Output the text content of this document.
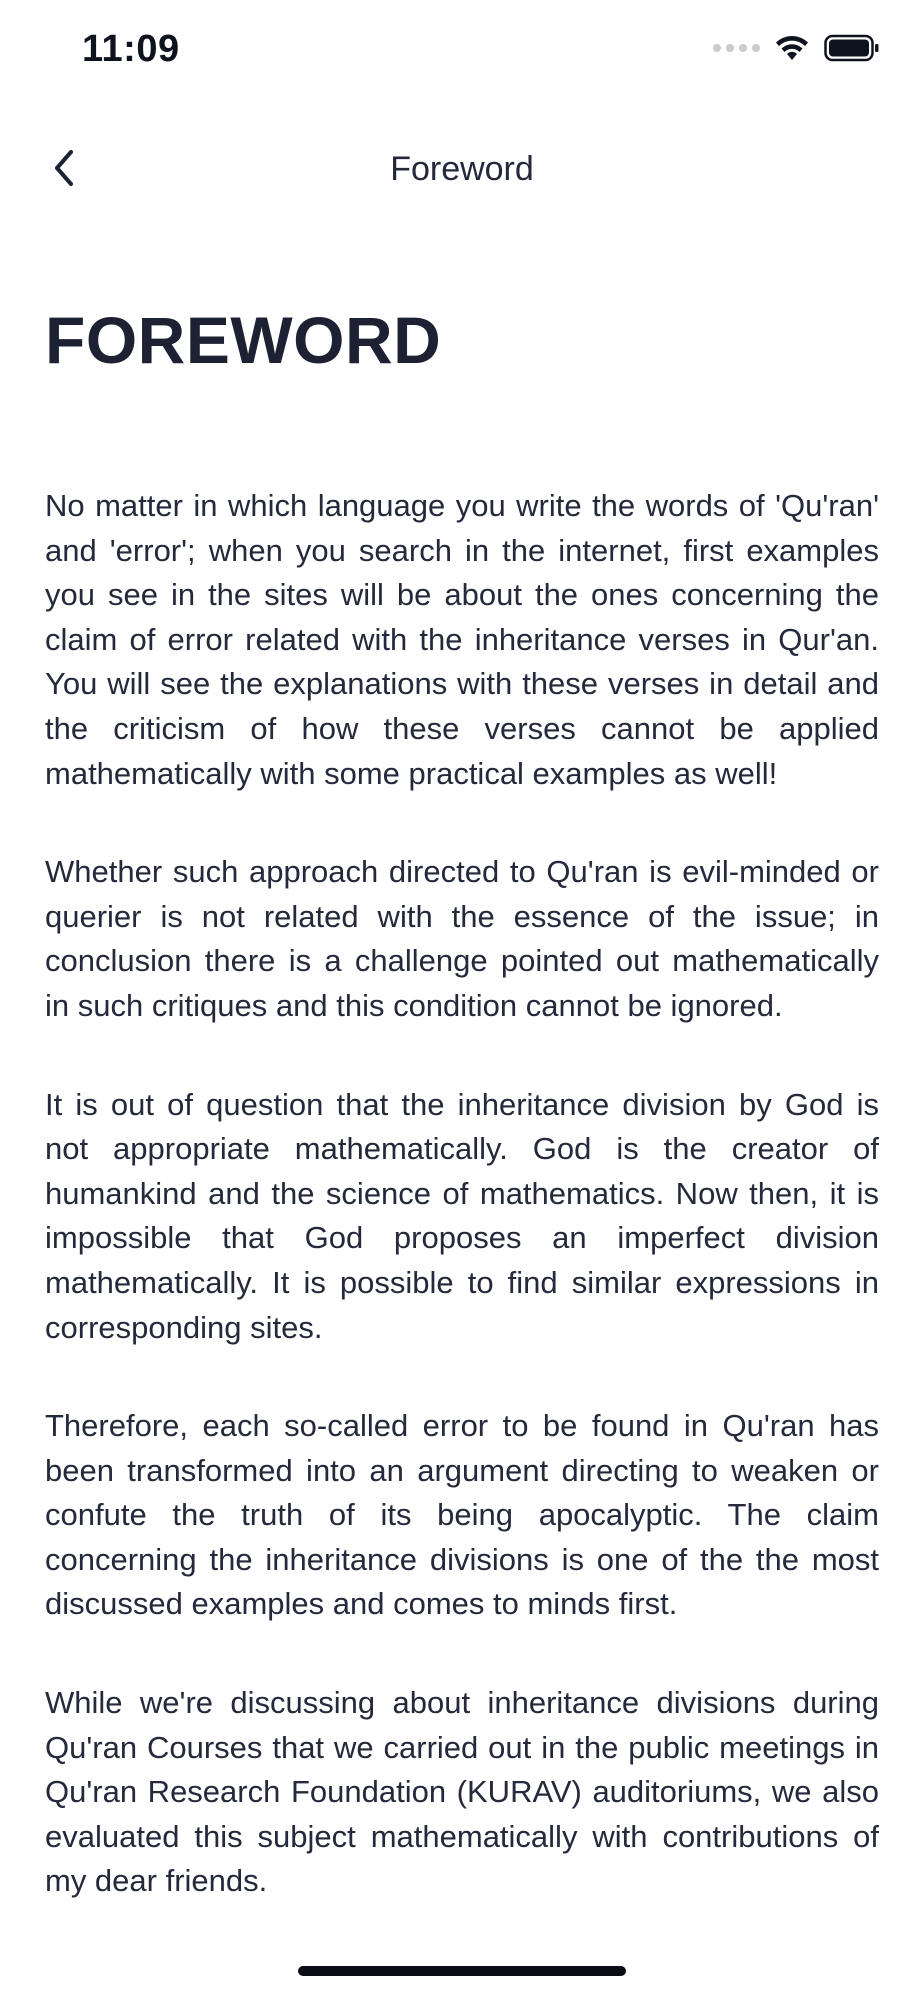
11:09
Foreword
FOREWORD

No matter in which language you write the words of 'Qu'ran' and 'error'; when you search in the internet, first examples you see in the sites will be about the ones concerning the claim of error related with the inheritance verses in Qur'an. You will see the explanations with these verses in detail and the criticism of how these verses cannot be applied mathematically with some practical examples as well!

Whether such approach directed to Qu'ran is evil-minded or querier is not related with the essence of the issue; in conclusion there is a challenge pointed out mathematically in such critiques and this condition cannot be ignored.

It is out of question that the inheritance division by God is not appropriate mathematically. God is the creator of humankind and the science of mathematics. Now then, it is impossible that God proposes an imperfect division mathematically. It is possible to find similar expressions in corresponding sites.

Therefore, each so-called error to be found in Qu'ran has been transformed into an argument directing to weaken or confute the truth of its being apocalyptic. The claim concerning the inheritance divisions is one of the the most discussed examples and comes to minds first.

While we're discussing about inheritance divisions during Qu'ran Courses that we carried out in the public meetings in Qu'ran Research Foundation (KURAV) auditoriums, we also evaluated this subject mathematically with contributions of my dear friends.
